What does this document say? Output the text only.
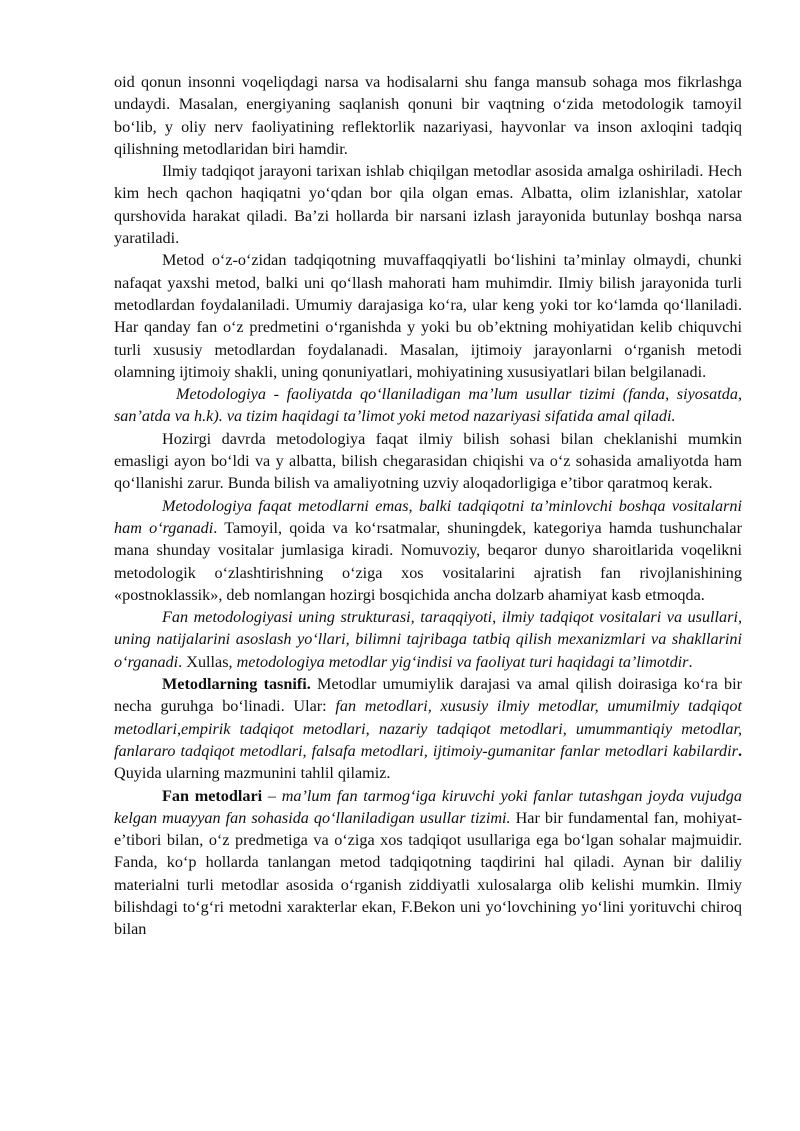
oid qonun insonni voqeliqdagi narsa va hodisalarni shu fanga mansub sohaga mos fikrlashga undaydi. Masalan, energiyaning saqlanish qonuni bir vaqtning o‘zida metodologik tamoyil bo‘lib, y oliy nerv faoliyatining reflektorlik nazariyasi, hayvonlar va inson axloqini tadqiq qilishning metodlaridan biri hamdir.

Ilmiy tadqiqot jarayoni tarixan ishlab chiqilgan metodlar asosida amalga oshiriladi. Hech kim hech qachon haqiqatni yo‘qdan bor qila olgan emas. Albatta, olim izlanishlar, xatolar qurshovida harakat qiladi. Ba’zi hollarda bir narsani izlash jarayonida butunlay boshqa narsa yaratiladi.

Metod o‘z-o‘zidan tadqiqotning muvaffaqqiyatli bo‘lishini ta’minlay olmaydi, chunki nafaqat yaxshi metod, balki uni qo‘llash mahorati ham muhimdir. Ilmiy bilish jarayonida turli metodlardan foydalaniladi. Umumiy darajasiga ko‘ra, ular keng yoki tor ko‘lamda qo‘llaniladi. Har qanday fan o‘z predmetini o‘rganishda y yoki bu ob’ektning mohiyatidan kelib chiquvchi turli xususiy metodlardan foydalanadi. Masalan, ijtimoiy jarayonlarni o‘rganish metodi olamning ijtimoiy shakli, uning qonuniyatlari, mohiyatining xususiyatlari bilan belgilanadi.

Metodologiya - faoliyatda qo‘llaniladigan ma’lum usullar tizimi (fanda, siyosatda, san’atda va h.k). va tizim haqidagi ta’limot yoki metod nazariyasi sifatida amal qiladi.

Hozirgi davrda metodologiya faqat ilmiy bilish sohasi bilan cheklanishi mumkin emasligi ayon bo‘ldi va y albatta, bilish chegarasidan chiqishi va o‘z sohasida amaliyotda ham qo‘llanishi zarur. Bunda bilish va amaliyotning uzviy aloqadorligiga e’tibor qaratmoq kerak.

Metodologiya faqat metodlarni emas, balki tadqiqotni ta’minlovchi boshqa vositalarni ham o‘rganadi. Tamoyil, qoida va ko‘rsatmalar, shuningdek, kategoriya hamda tushunchalar mana shunday vositalar jumlasiga kiradi. Nomuvoziy, beqaror dunyo sharoitlarida voqelikni metodologik o‘zlashtirishning o‘ziga xos vositalarini ajratish fan rivojlanishining «postnoklassik», deb nomlangan hozirgi bosqichida ancha dolzarb ahamiyat kasb etmoqda.

Fan metodologiyasi uning strukturasi, taraqqiyoti, ilmiy tadqiqot vositalari va usullari, uning natijalarini asoslash yo‘llari, bilimni tajribaga tatbiq qilish mexanizmlari va shakllarini o‘rganadi. Xullas, metodologiya metodlar yig‘indisi va faoliyat turi haqidagi ta’limotdir.

Metodlarning tasnifi. Metodlar umumiylik darajasi va amal qilish doirasiga ko‘ra bir necha guruhga bo‘linadi. Ular: fan metodlari, xususiy ilmiy metodlar, umumilmiy tadqiqot metodlari,empirik tadqiqot metodlari, nazariy tadqiqot metodlari, umummantiqiy metodlar, fanlararo tadqiqot metodlari, falsafa metodlari, ijtimoiy-gumanitar fanlar metodlari kabilardir. Quyida ularning mazmunini tahlil qilamiz.

Fan metodlari – ma’lum fan tarmog‘iga kiruvchi yoki fanlar tutashgan joyda vujudga kelgan muayyan fan sohasida qo‘llaniladigan usullar tizimi. Har bir fundamental fan, mohiyat-e’tibori bilan, o‘z predmetiga va o‘ziga xos tadqiqot usullariga ega bo‘lgan sohalar majmuidir. Fanda, ko‘p hollarda tanlangan metod tadqiqotning taqdirini hal qiladi. Aynan bir daliliy materialni turli metodlar asosida o‘rganish ziddiyatli xulosalarga olib kelishi mumkin. Ilmiy bilishdagi to‘g‘ri metodni xarakterlar ekan, F.Bekon uni yo‘lovchining yo‘lini yorituvchi chiroq bilan
